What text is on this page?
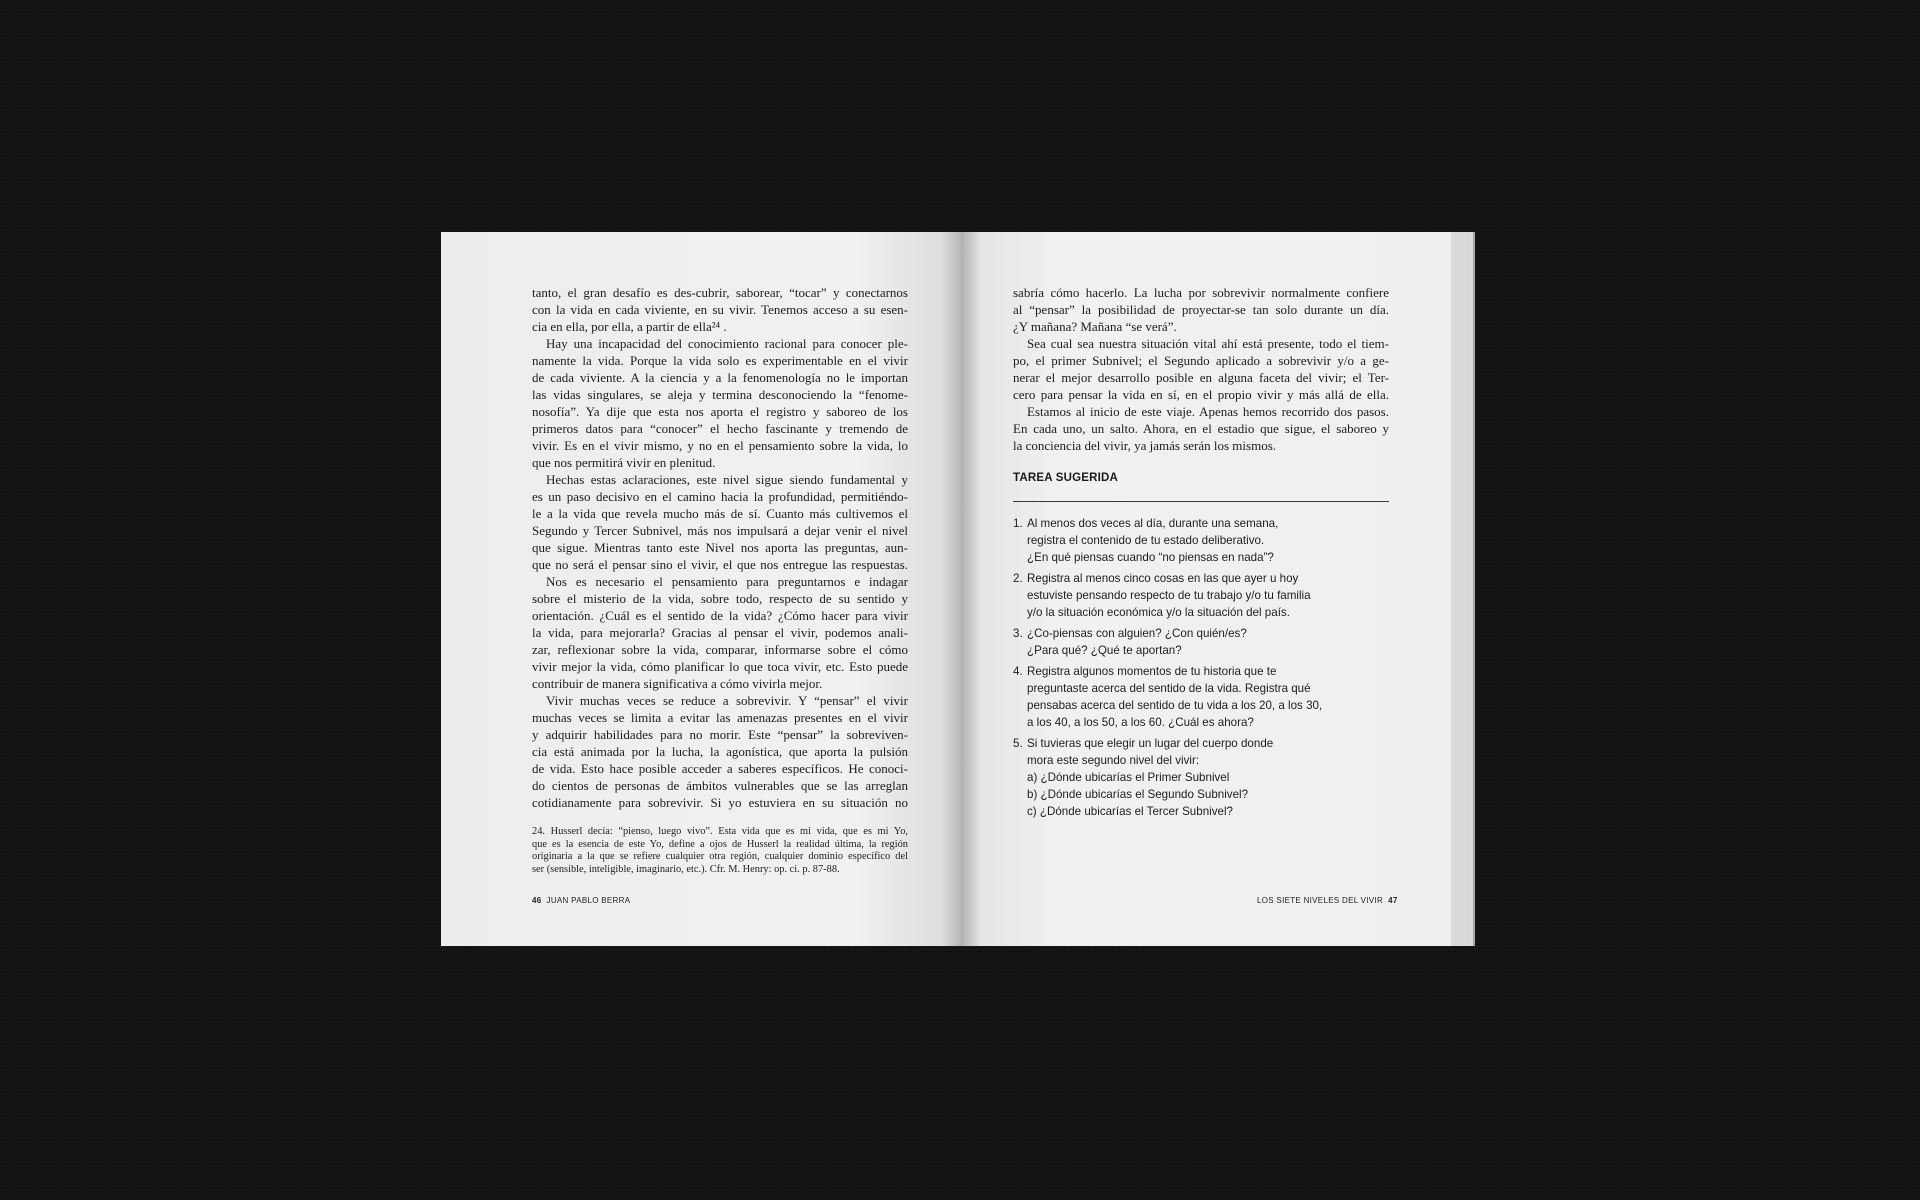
tanto, el gran desafío es des-cubrir, saborear, “tocar” y conectarnos
con la vida en cada viviente, en su vivir. Tenemos acceso a su esen-
cia en ella, por ella, a partir de ella²⁴ .
Hay una incapacidad del conocimiento racional para conocer ple-
namente la vida. Porque la vida solo es experimentable en el vivir
de cada viviente. A la ciencia y a la fenomenología no le importan
las vidas singulares, se aleja y termina desconociendo la “fenome-
nosofía”. Ya dije que esta nos aporta el registro y saboreo de los
primeros datos para “conocer” el hecho fascinante y tremendo de
vivir. Es en el vivir mismo, y no en el pensamiento sobre la vida, lo
que nos permitirá vivir en plenitud.
Hechas estas aclaraciones, este nivel sigue siendo fundamental y
es un paso decisivo en el camino hacia la profundidad, permitiéndo-
le a la vida que revela mucho más de sí. Cuanto más cultivemos el
Segundo y Tercer Subnivel, más nos impulsará a dejar venir el nivel
que sigue. Mientras tanto este Nivel nos aporta las preguntas, aun-
que no será el pensar sino el vivir, el que nos entregue las respuestas.
Nos es necesario el pensamiento para preguntarnos e indagar
sobre el misterio de la vida, sobre todo, respecto de su sentido y
orientación. ¿Cuál es el sentido de la vida? ¿Cómo hacer para vivir
la vida, para mejorarla? Gracias al pensar el vivir, podemos anali-
zar, reflexionar sobre la vida, comparar, informarse sobre el cómo
vivir mejor la vida, cómo planificar lo que toca vivir, etc. Esto puede
contribuir de manera significativa a cómo vivirla mejor.
Vivir muchas veces se reduce a sobrevivir. Y “pensar” el vivir
muchas veces se limita a evitar las amenazas presentes en el vivir
y adquirir habilidades para no morir. Este “pensar” la sobreviven-
cia está animada por la lucha, la agonística, que aporta la pulsión
de vida. Esto hace posible acceder a saberes específicos. He conoci-
do cientos de personas de ámbitos vulnerables que se las arreglan
cotidianamente para sobrevivir. Si yo estuviera en su situación no
24. Husserl decía: “pienso, luego vivo”. Esta vida que es mi vida, que es mi Yo,
que es la esencia de este Yo, define a ojos de Husserl la realidad última, la región
originaria a la que se refiere cualquier otra región, cualquier dominio específico del
ser (sensible, inteligible, imaginario, etc.). Cfr. M. Henry: op. ci. p. 87-88.
46 JUAN PABLO BERRA
sabría cómo hacerlo. La lucha por sobrevivir normalmente confiere
al “pensar” la posibilidad de proyectar-se tan solo durante un día.
¿Y mañana? Mañana “se verá”.
Sea cual sea nuestra situación vital ahí está presente, todo el tiem-
po, el primer Subnivel; el Segundo aplicado a sobrevivir y/o a ge-
nerar el mejor desarrollo posible en alguna faceta del vivir; el Ter-
cero para pensar la vida en sí, en el propio vivir y más allá de ella.
Estamos al inicio de este viaje. Apenas hemos recorrido dos pasos.
En cada uno, un salto. Ahora, en el estadio que sigue, el saboreo y
la conciencia del vivir, ya jamás serán los mismos.
TAREA SUGERIDA
1. Al menos dos veces al día, durante una semana,
registra el contenido de tu estado deliberativo.
¿En qué piensas cuando “no piensas en nada”?
2. Registra al menos cinco cosas en las que ayer u hoy
estuviste pensando respecto de tu trabajo y/o tu familia
y/o la situación económica y/o la situación del país.
3. ¿Co-piensas con alguien? ¿Con quién/es?
¿Para qué? ¿Qué te aportan?
4. Registra algunos momentos de tu historia que te
preguntaste acerca del sentido de la vida. Registra qué
pensabas acerca del sentido de tu vida a los 20, a los 30,
a los 40, a los 50, a los 60. ¿Cuál es ahora?
5. Si tuvieras que elegir un lugar del cuerpo donde
mora este segundo nivel del vivir:
a) ¿Dónde ubicarías el Primer Subnivel
b) ¿Dónde ubicarías el Segundo Subnivel?
c) ¿Dónde ubicarías el Tercer Subnivel?
LOS SIETE NIVELES DEL VIVIR 47
